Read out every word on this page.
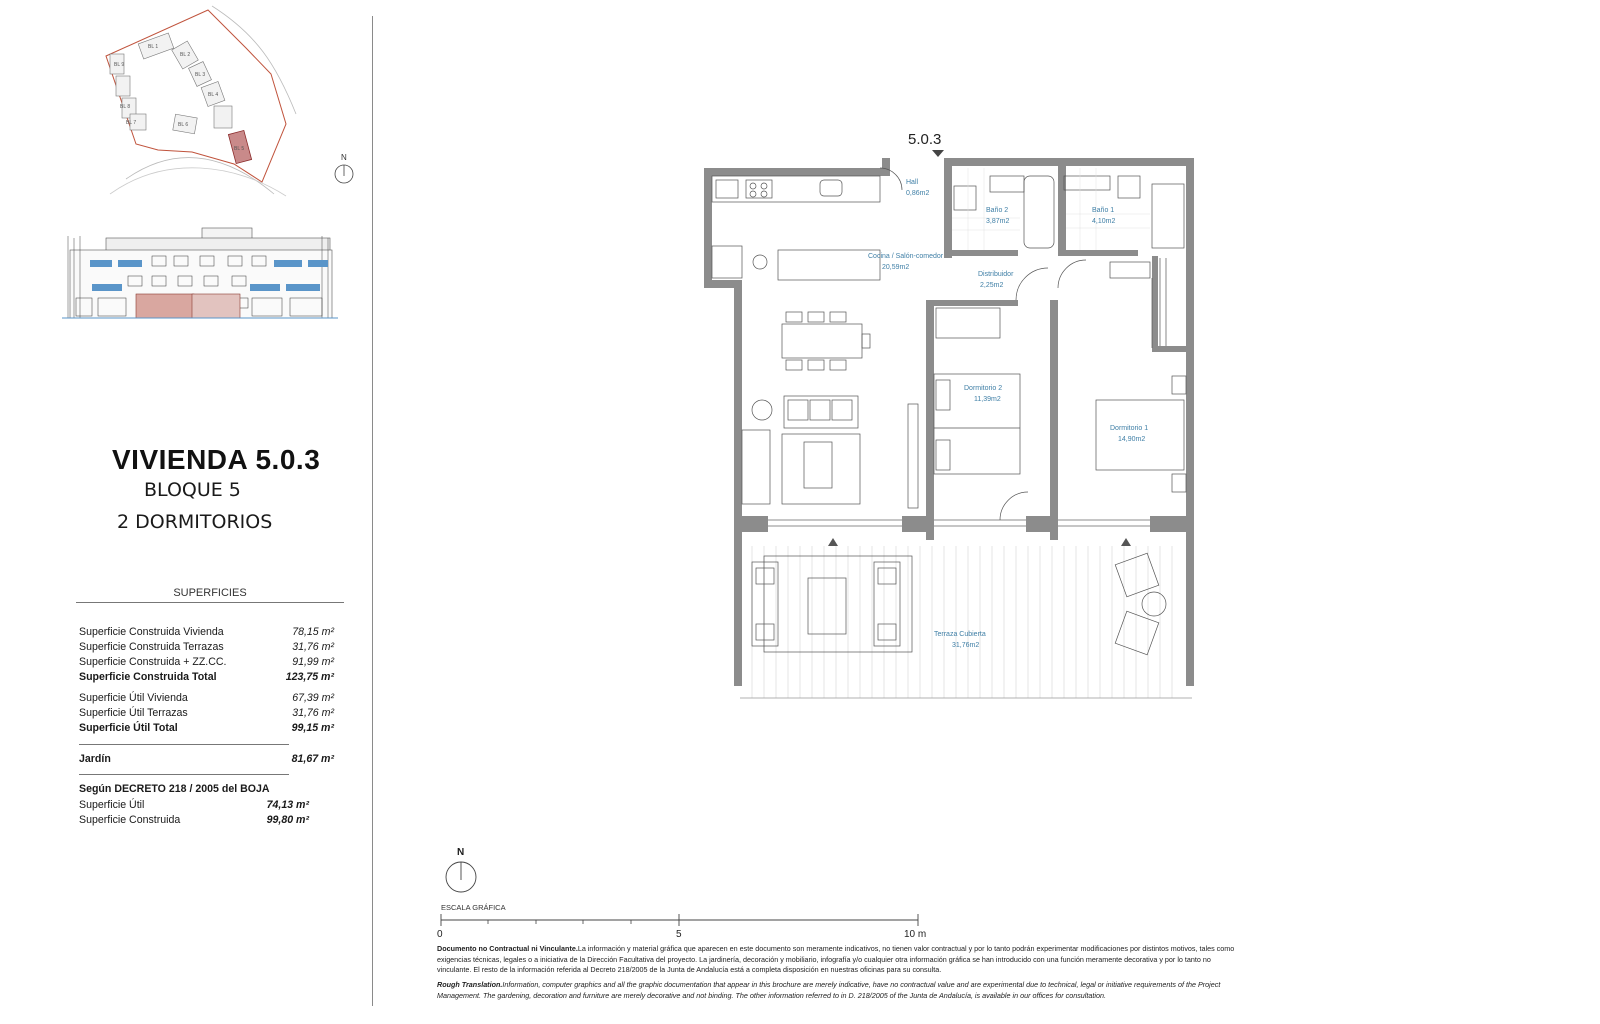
BL 1
BL 2
BL 3
BL 4
BL 5
BL 6
BL 7
BL 8
BL 9
N
VIVIENDA 5.0.3
BLOQUE 5
2 DORMITORIOS
SUPERFICIES
Superficie Construida Vivienda	78,15 m²
Superficie Construida Terrazas	31,76 m²
Superficie Construida + ZZ.CC.	91,99 m²
Superficie Construida Total	123,75 m²
Superficie Útil Vivienda	67,39 m²
Superficie Útil Terrazas	31,76 m²
Superficie Útil Total	99,15 m²
Jardín	81,67 m²
Según DECRETO 218 / 2005 del BOJA
Superficie Útil	74,13 m²
Superficie Construida	99,80 m²
5.0.3
Hall
0,86m2
Baño 2
3,87m2
Baño 1
4,10m2
Cocina / Salón-comedor
20,59m2
Distribuidor
2,25m2
Dormitorio 2
11,39m2
Dormitorio 1
14,90m2
Terraza Cubierta
31,76m2
N
ESCALA GRÁFICA
0	5	10 m
Documento no Contractual ni Vinculante.La información y material gráfica que aparecen en este documento son meramente indicativos, no tienen valor contractual y por lo tanto podrán experimentar modificaciones por distintos motivos, tales como exigencias técnicas, legales o a iniciativa de la Dirección Facultativa del proyecto. La jardinería, decoración y mobiliario, infografía y/o cualquier otra información gráfica se han introducido con una función meramente decorativa y por lo tanto no vinculante. El resto de la información referida al Decreto 218/2005 de la Junta de Andalucía está a completa disposición en nuestras oficinas para su consulta.
Rough Translation.Information, computer graphics and all the graphic documentation that appear in this brochure are merely indicative, have no contractual value and are experimental due to technical, legal or initiative requirements of the Project Management. The gardening, decoration and furniture are merely decorative and not binding. The other information referred to in D. 218/2005 of the Junta de Andalucía, is available in our offices for consultation.
